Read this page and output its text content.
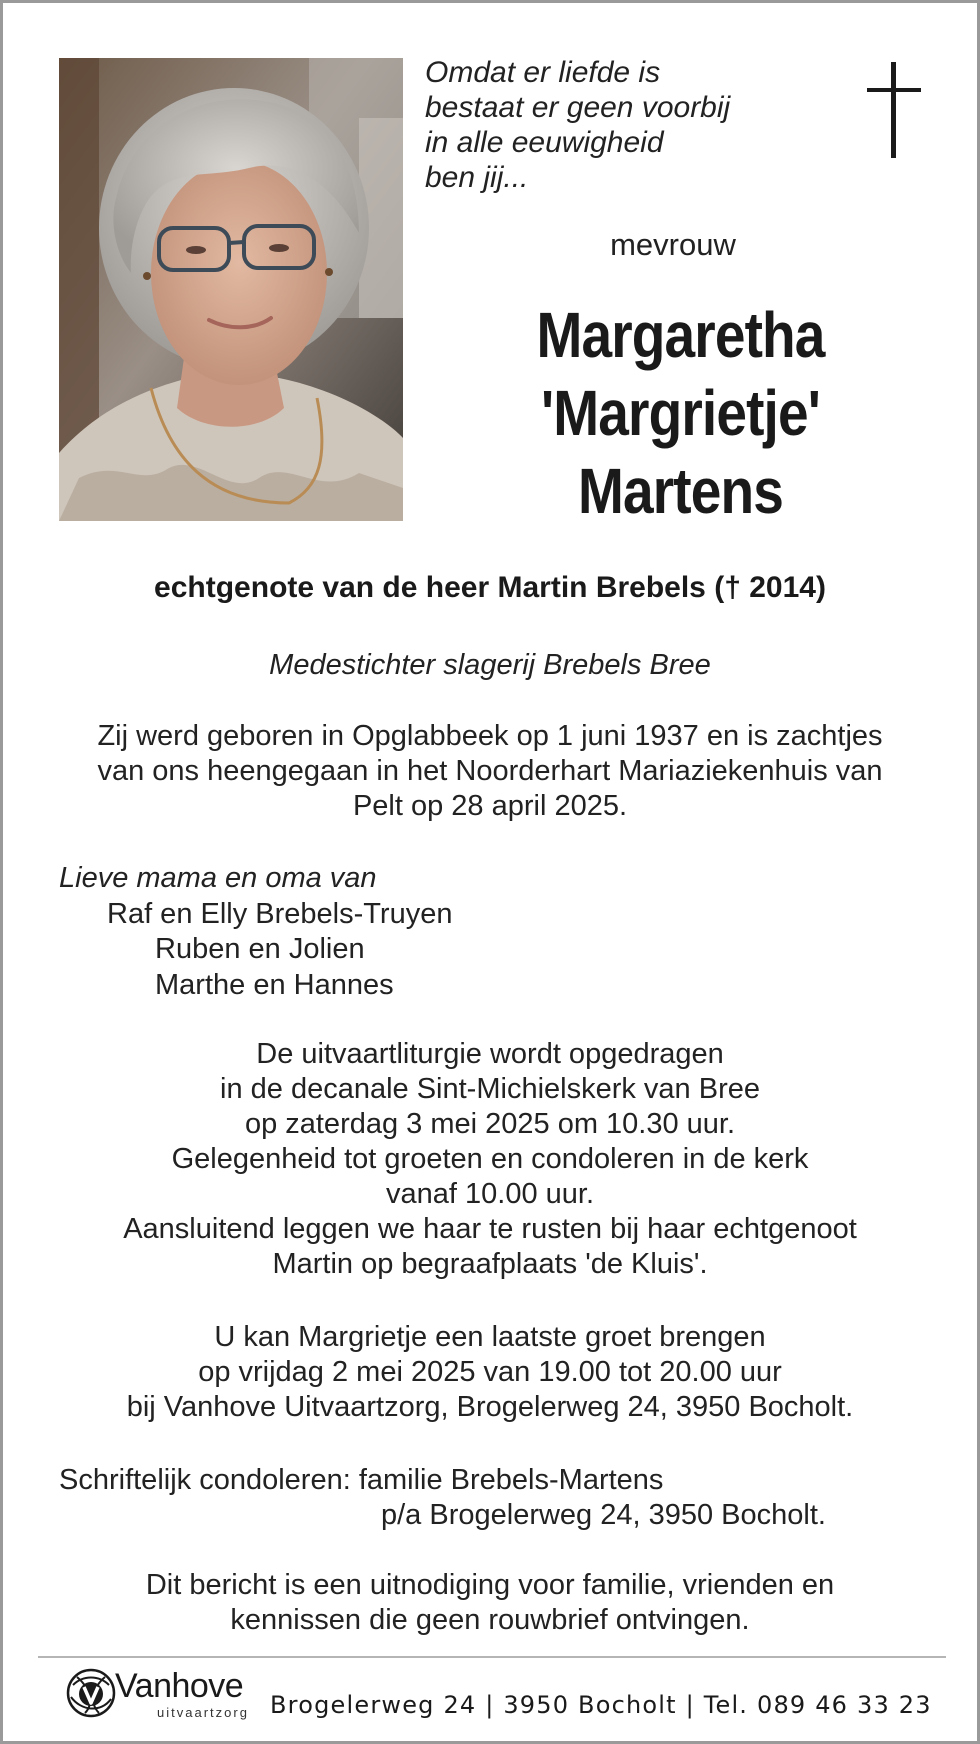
Omdat er liefde is
bestaat er geen voorbij
in alle eeuwigheid
ben jij...
mevrouw
Margaretha
'Margrietje'
Martens
echtgenote van de heer Martin Brebels († 2014)
Medestichter slagerij Brebels Bree
Zij werd geboren in Opglabbeek op 1 juni 1937 en is zachtjes
van ons heengegaan in het Noorderhart Mariaziekenhuis van
Pelt op 28 april 2025.
Lieve mama en oma van
Raf en Elly Brebels-Truyen
Ruben en Jolien
Marthe en Hannes
De uitvaartliturgie wordt opgedragen
in de decanale Sint-Michielskerk van Bree
op zaterdag 3 mei 2025 om 10.30 uur.
Gelegenheid tot groeten en condoleren in de kerk
vanaf 10.00 uur.
Aansluitend leggen we haar te rusten bij haar echtgenoot
Martin op begraafplaats 'de Kluis'.
U kan Margrietje een laatste groet brengen
op vrijdag 2 mei 2025 van 19.00 tot 20.00 uur
bij Vanhove Uitvaartzorg, Brogelerweg 24, 3950 Bocholt.
Schriftelijk condoleren: familie Brebels-Martens
p/a Brogelerweg 24, 3950 Bocholt.
Dit bericht is een uitnodiging voor familie, vrienden en
kennissen die geen rouwbrief ontvingen.
Vanhove
uitvaartzorg Brogelerweg 24 | 3950 Bocholt | Tel. 089 46 33 23
